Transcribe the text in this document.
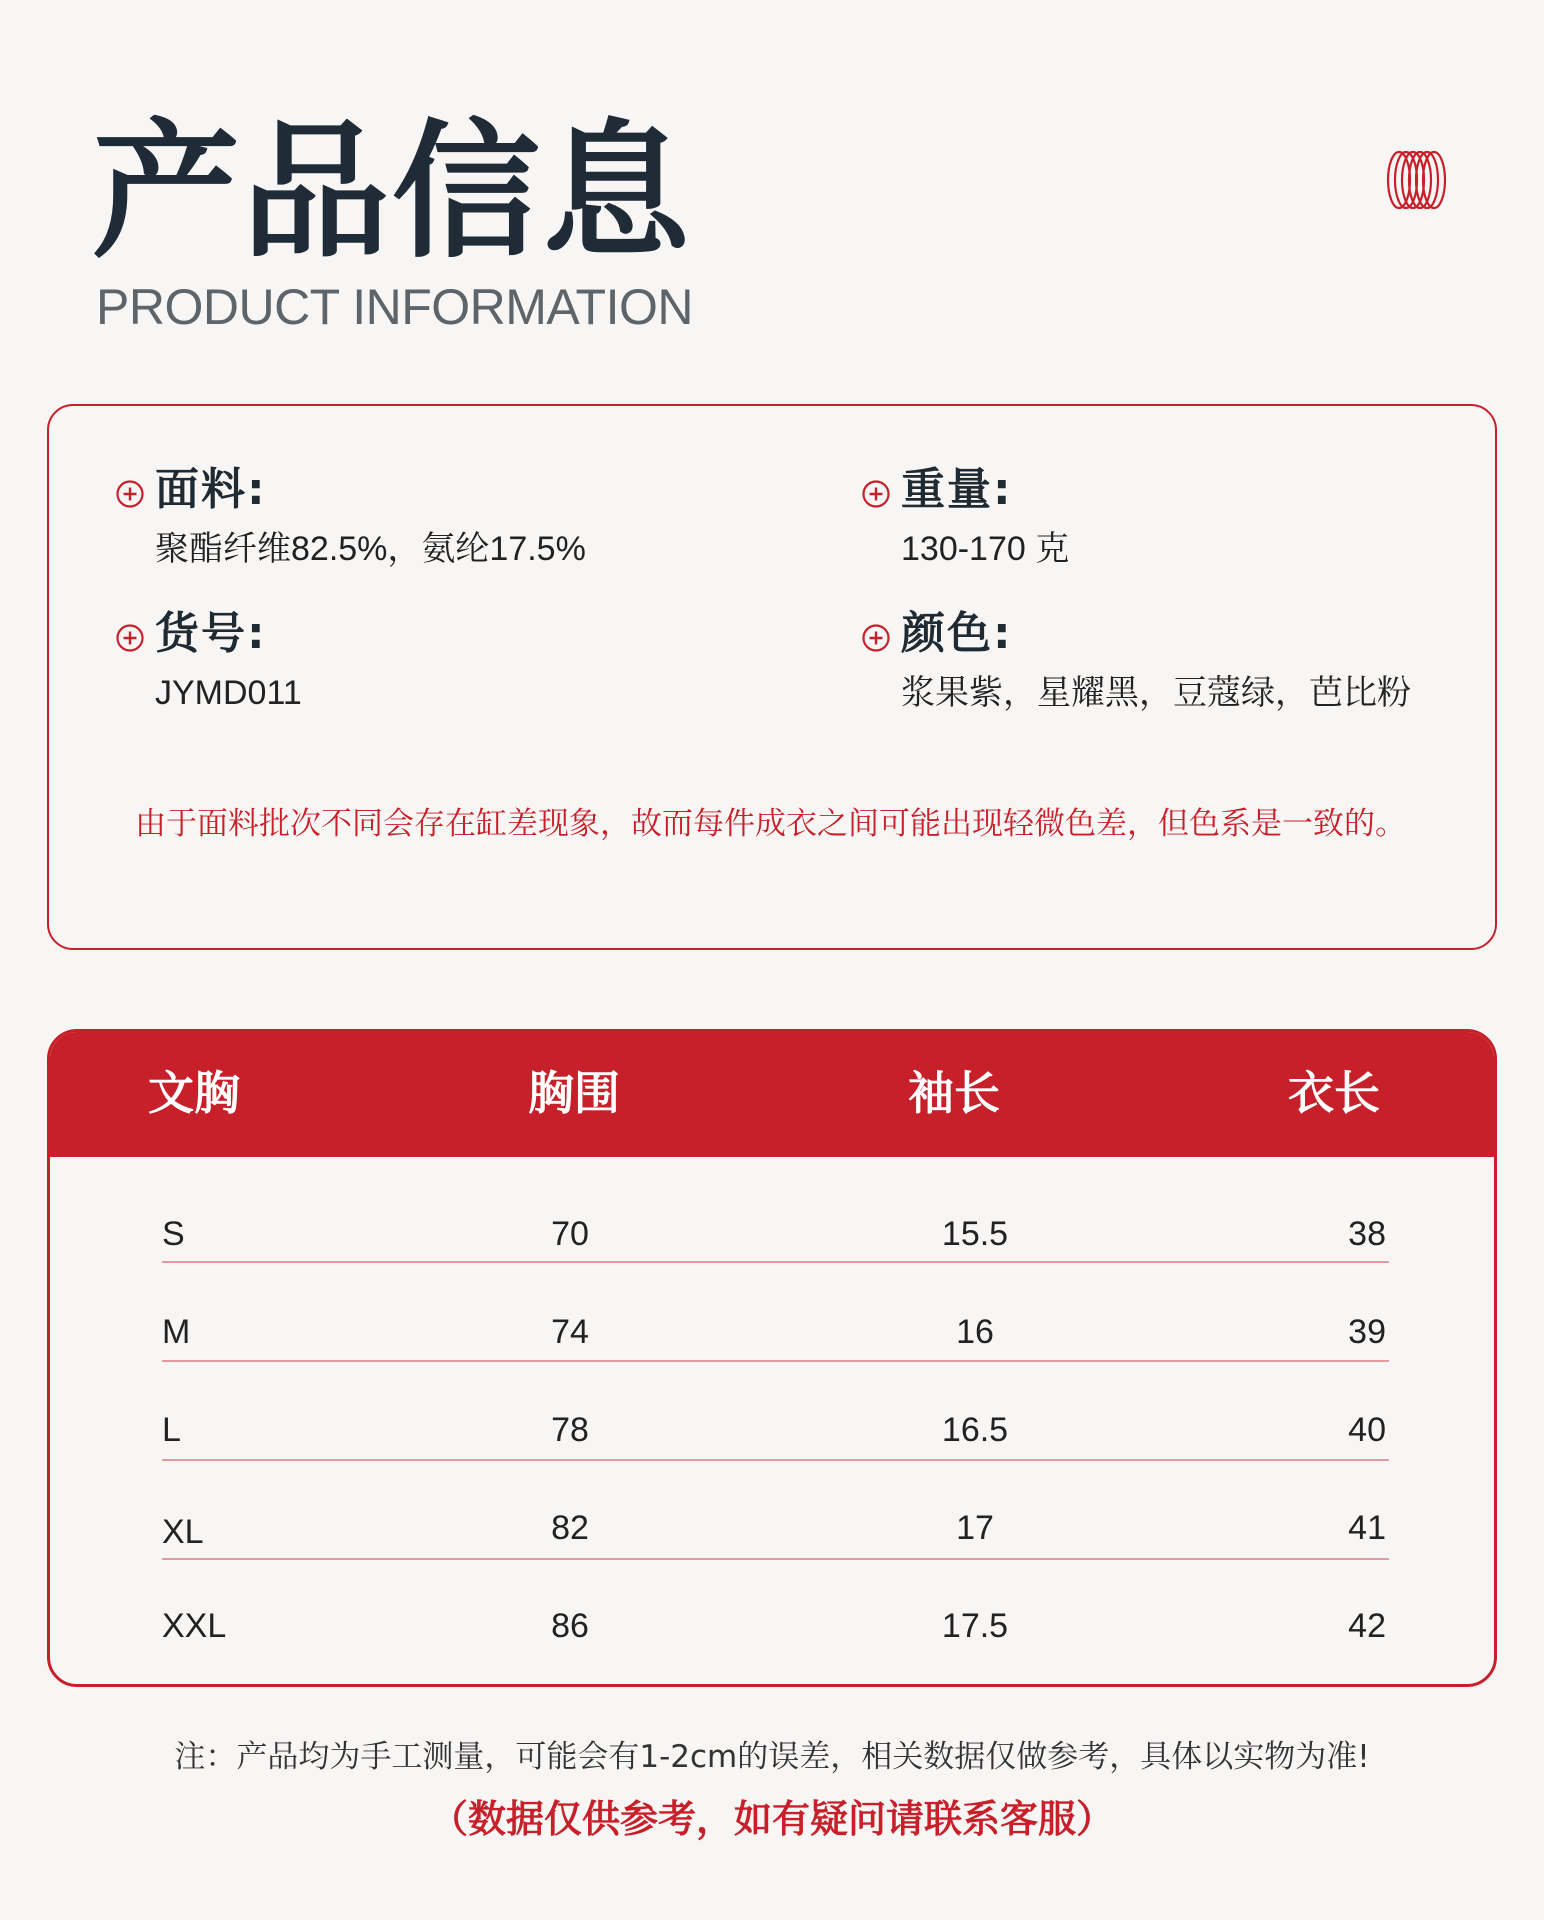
产品信息
PRODUCT INFORMATION
面料:
聚酯纤维82.5%，氨纶17.5%
重量:
130-170 克
货号:
JYMD011
颜色:
浆果紫，星耀黑，豆蔻绿，芭比粉
由于面料批次不同会存在缸差现象，故而每件成衣之间可能出现轻微色差，但色系是一致的。
文胸	胸围	袖长	衣长
S	70	15.5	38
M	74	16	39
L	78	16.5	40
XL	82	17	41
XXL	86	17.5	42
注：产品均为手工测量，可能会有1-2cm的误差，相关数据仅做参考，具体以实物为准!
（数据仅供参考，如有疑问请联系客服）
